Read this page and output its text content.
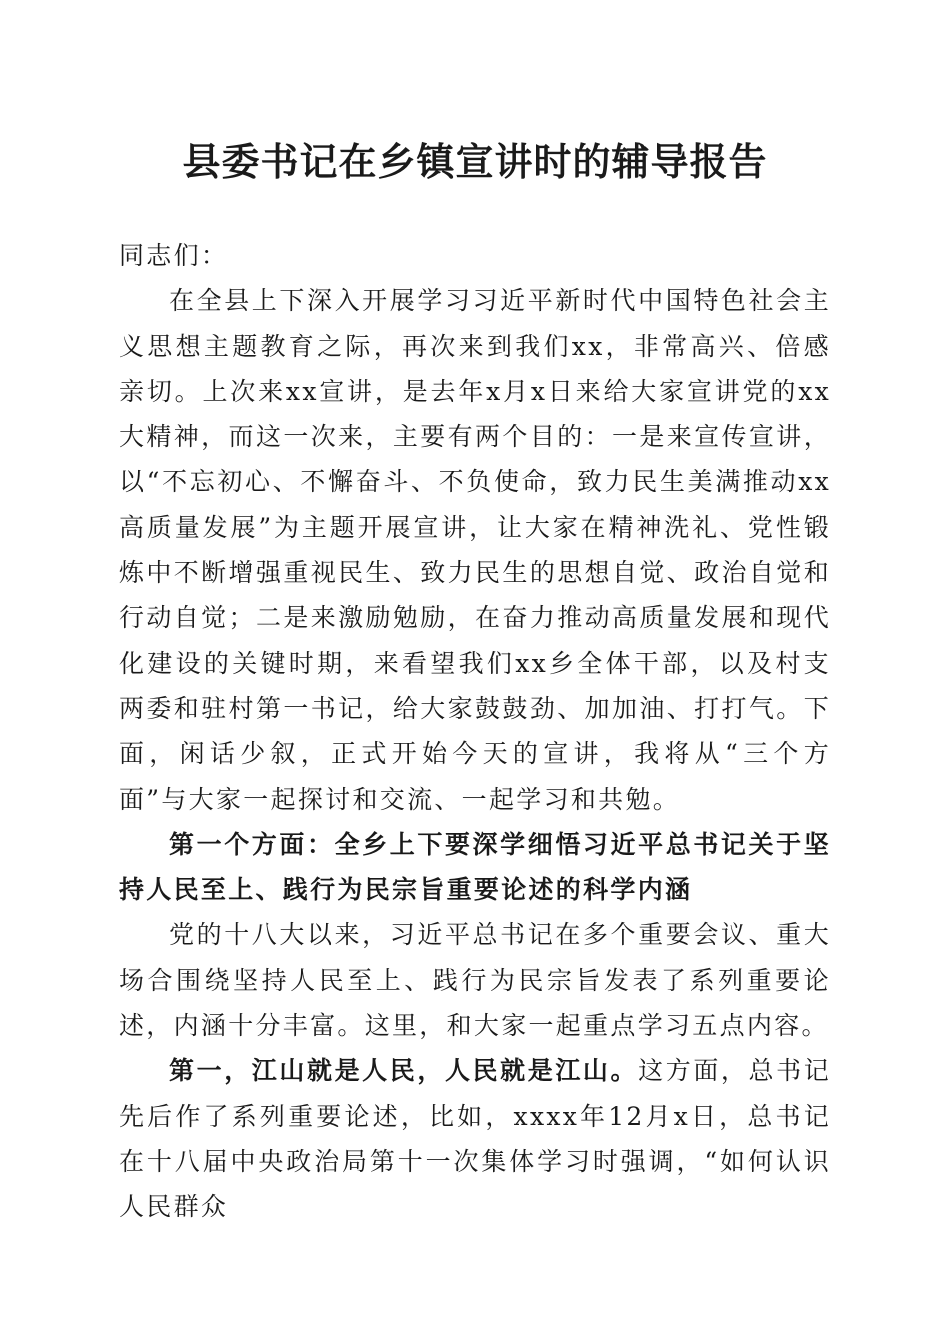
县委书记在乡镇宣讲时的辅导报告

同志们：

在全县上下深入开展学习习近平新时代中国特色社会主义思想主题教育之际，再次来到我们xx，非常高兴、倍感亲切。上次来xx宣讲，是去年x月x日来给大家宣讲党的xx大精神，而这一次来，主要有两个目的：一是来宣传宣讲，以“不忘初心、不懈奋斗、不负使命，致力民生美满推动xx高质量发展”为主题开展宣讲，让大家在精神洗礼、党性锻炼中不断增强重视民生、致力民生的思想自觉、政治自觉和行动自觉；二是来激励勉励，在奋力推动高质量发展和现代化建设的关键时期，来看望我们xx乡全体干部，以及村支两委和驻村第一书记，给大家鼓鼓劲、加加油、打打气。下面，闲话少叙，正式开始今天的宣讲，我将从“三个方面”与大家一起探讨和交流、一起学习和共勉。

第一个方面：全乡上下要深学细悟习近平总书记关于坚持人民至上、践行为民宗旨重要论述的科学内涵

党的十八大以来，习近平总书记在多个重要会议、重大场合围绕坚持人民至上、践行为民宗旨发表了系列重要论述，内涵十分丰富。这里，和大家一起重点学习五点内容。

第一，江山就是人民，人民就是江山。这方面，总书记先后作了系列重要论述，比如，xxxx年12月x日，总书记在十八届中央政治局第十一次集体学习时强调，“如何认识人民群众
